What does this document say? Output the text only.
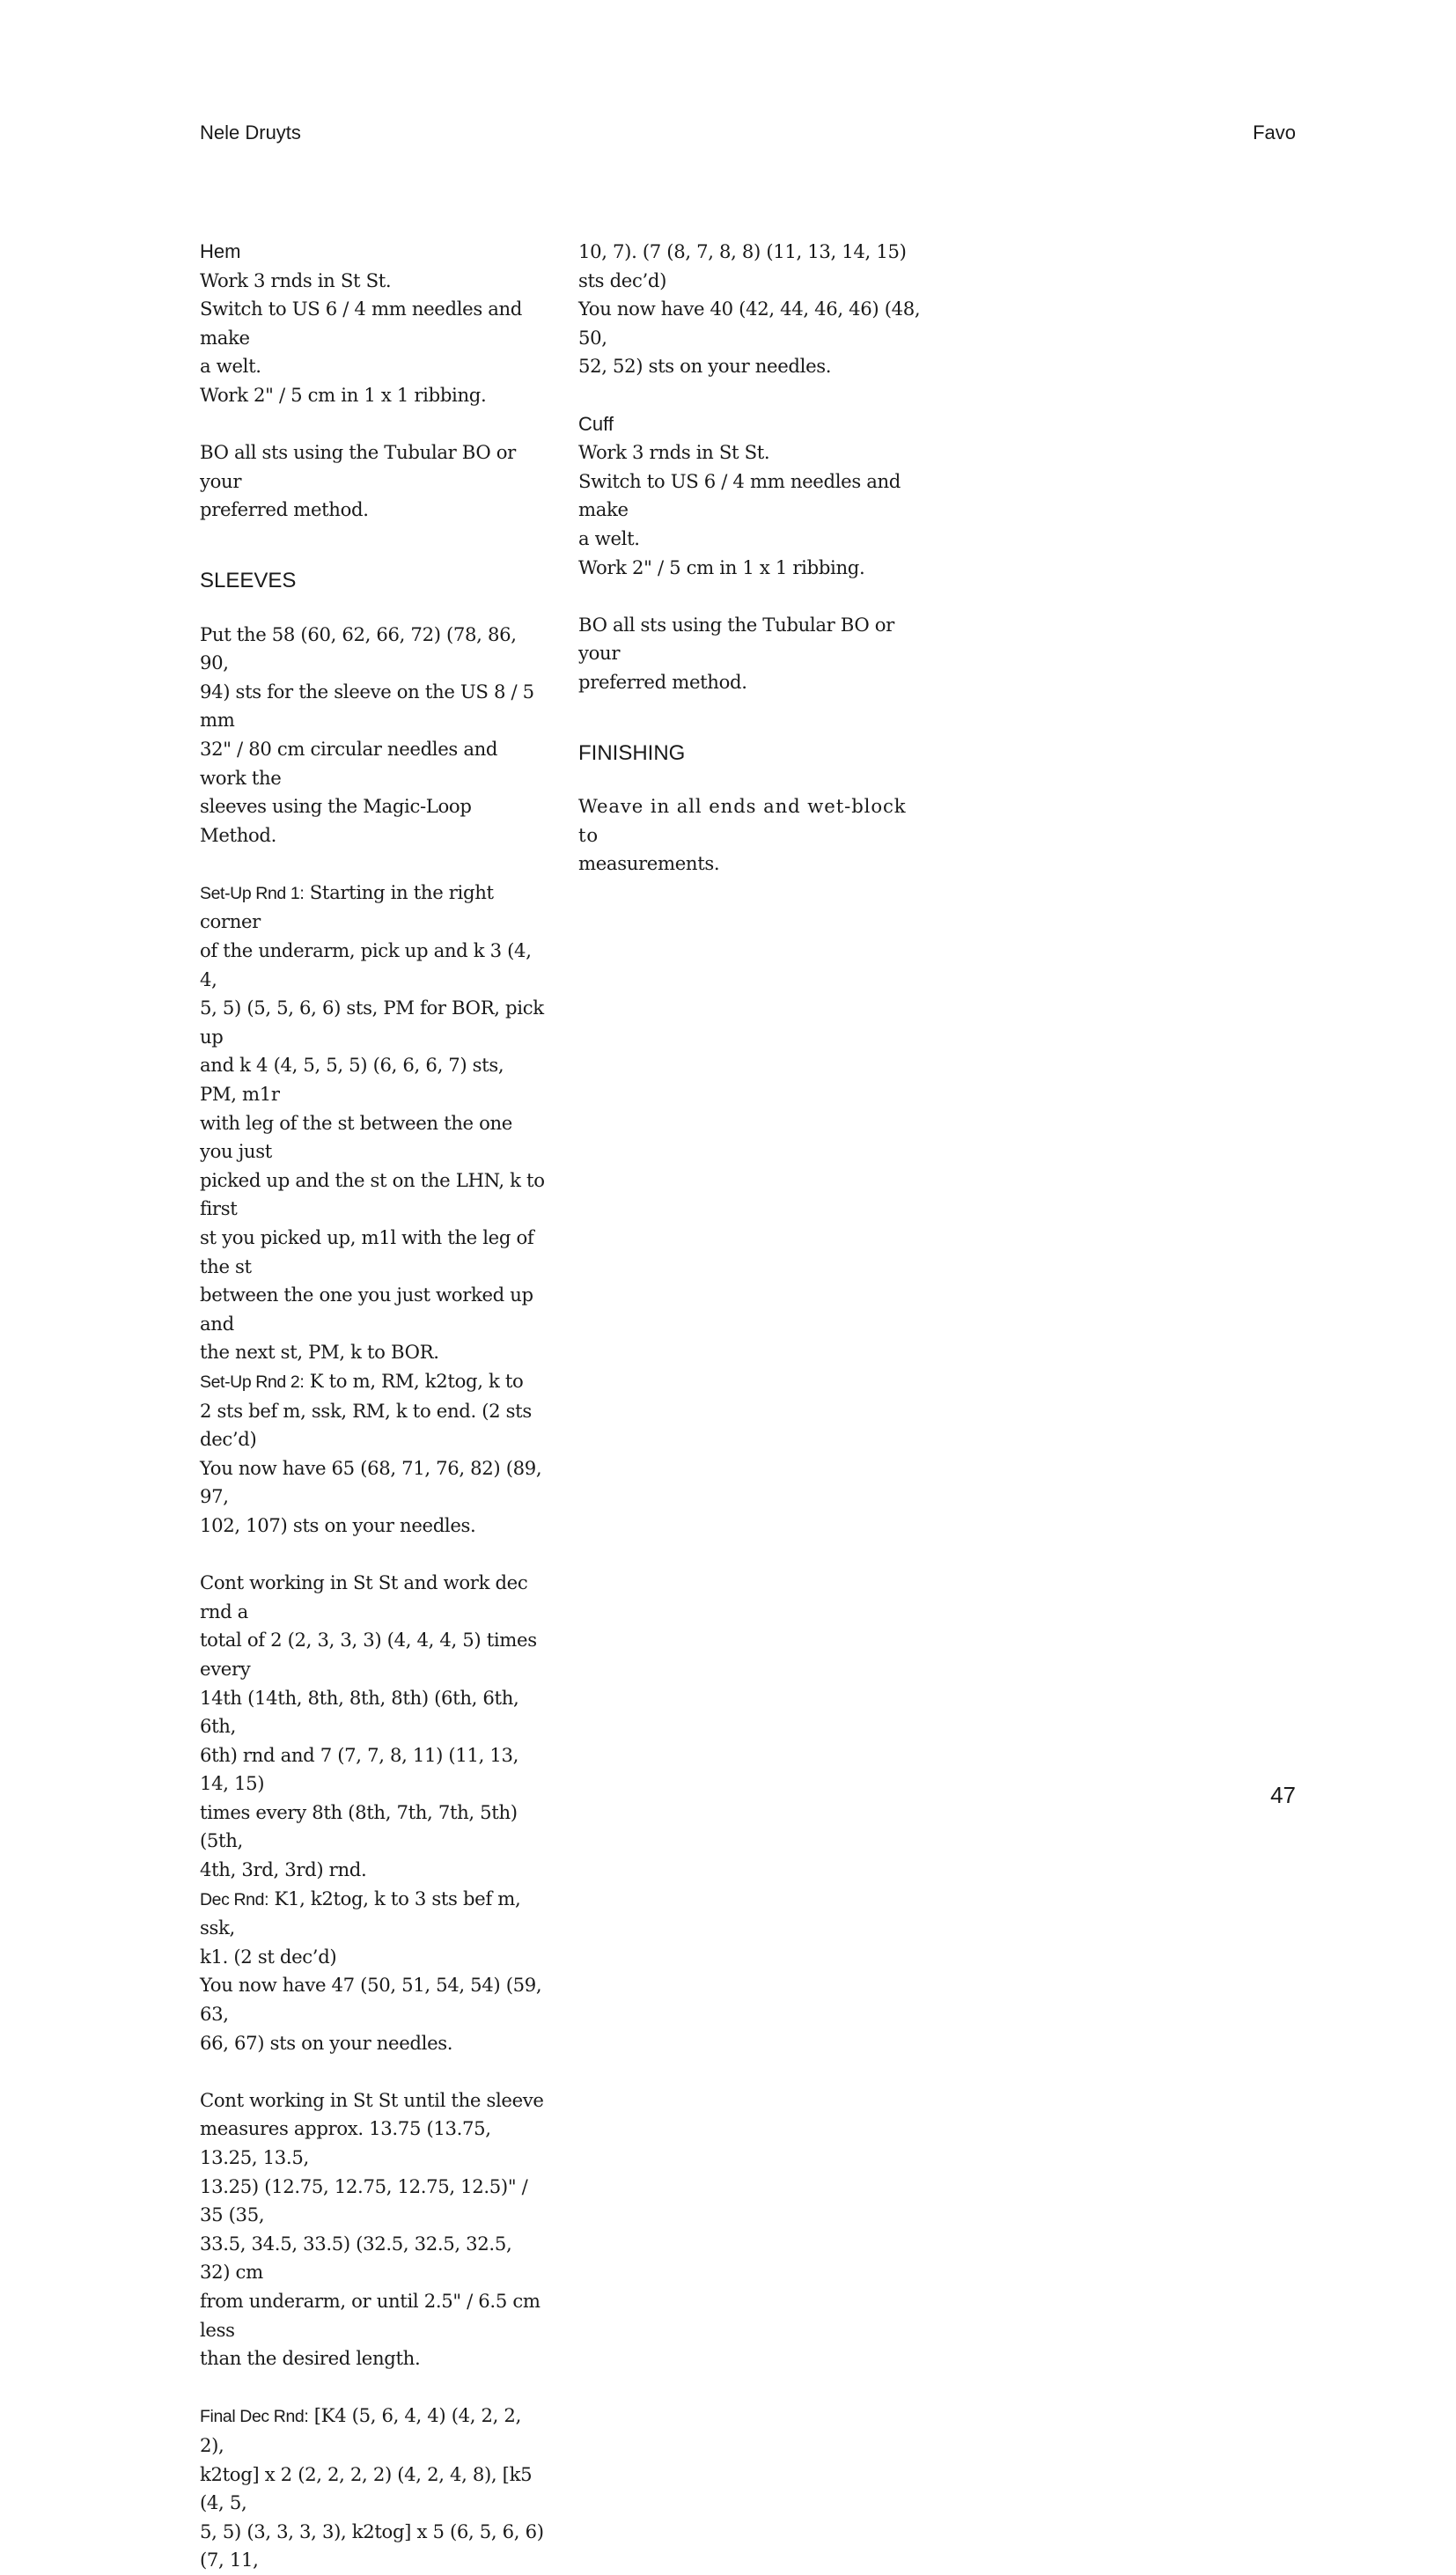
Nele Druyts	Favo

Hem

Work 3 rnds in St St.

Switch to US 6 / 4 mm needles and make

a welt.

Work 2" / 5 cm in 1 x 1 ribbing.

BO all sts using the Tubular BO or your

preferred method.

SLEEVES

Put the 58 (60, 62, 66, 72) (78, 86, 90,

94) sts for the sleeve on the US 8 / 5 mm

32" / 80 cm circular needles and work the

sleeves using the Magic-Loop Method.

Set-Up Rnd 1: Starting in the right corner

of the underarm, pick up and k 3 (4, 4,

5, 5) (5, 5, 6, 6) sts, PM for BOR, pick up

and k 4 (4, 5, 5, 5) (6, 6, 6, 7) sts, PM, m1r

with leg of the st between the one you just

picked up and the st on the LHN, k to first

st you picked up, m1l with the leg of the st

between the one you just worked up and

the next st, PM, k to BOR.

Set-Up Rnd 2: K to m, RM, k2tog, k to

2 sts bef m, ssk, RM, k to end. (2 sts dec’d)

You now have 65 (68, 71, 76, 82) (89, 97,

102, 107) sts on your needles.

Cont working in St St and work dec rnd a

total of 2 (2, 3, 3, 3) (4, 4, 4, 5) times every

14th (14th, 8th, 8th, 8th) (6th, 6th, 6th,

6th) rnd and 7 (7, 7, 8, 11) (11, 13, 14, 15)

times every 8th (8th, 7th, 7th, 5th) (5th,

4th, 3rd, 3rd) rnd.

Dec Rnd: K1, k2tog, k to 3 sts bef m, ssk,

k1. (2 st dec’d)

You now have 47 (50, 51, 54, 54) (59, 63,

66, 67) sts on your needles.

Cont working in St St until the sleeve

measures approx. 13.75 (13.75, 13.25, 13.5,

13.25) (12.75, 12.75, 12.75, 12.5)" / 35 (35,

33.5, 34.5, 33.5) (32.5, 32.5, 32.5, 32) cm

from underarm, or until 2.5" / 6.5 cm less

than the desired length.

Final Dec Rnd: [K4 (5, 6, 4, 4) (4, 2, 2, 2),

k2tog] x 2 (2, 2, 2, 2) (4, 2, 4, 8), [k5 (4, 5,

5, 5) (3, 3, 3, 3), k2tog] x 5 (6, 5, 6, 6) (7, 11,

10, 7). (7 (8, 7, 8, 8) (11, 13, 14, 15) sts dec’d)

You now have 40 (42, 44, 46, 46) (48, 50,

52, 52) sts on your needles.

Cuff

Work 3 rnds in St St.

Switch to US 6 / 4 mm needles and make

a welt.

Work 2" / 5 cm in 1 x 1 ribbing.

BO all sts using the Tubular BO or your

preferred method.

FINISHING

Weave in all ends and wet-block to

measurements.

47
